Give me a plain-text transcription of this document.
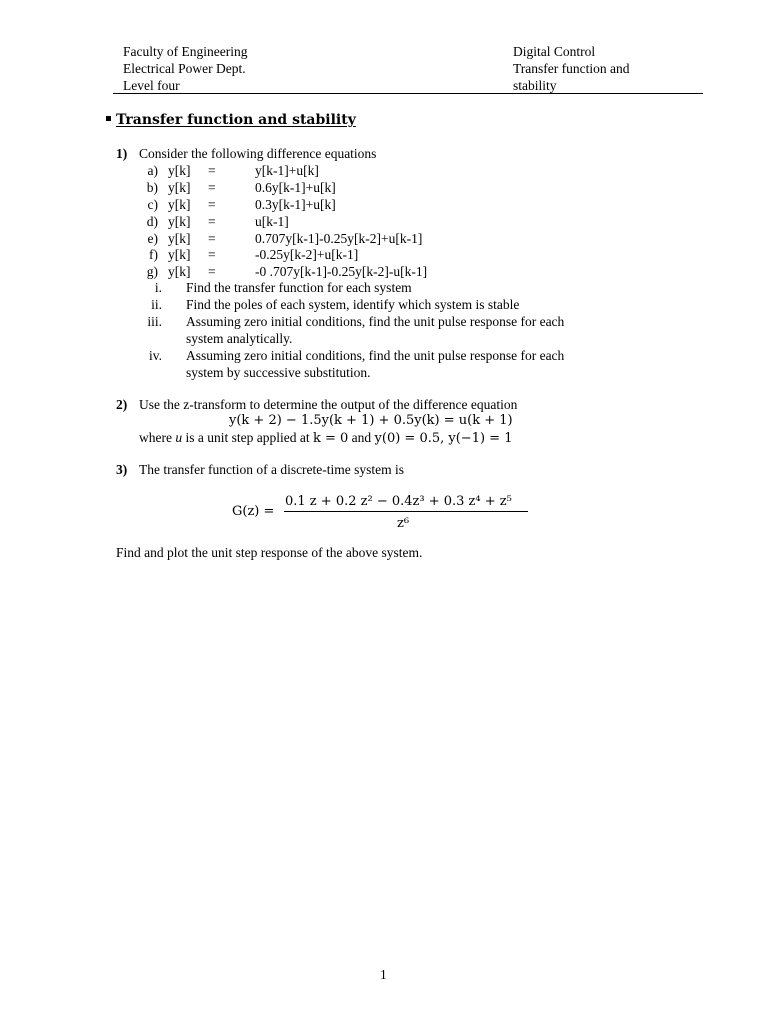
Faculty of Engineering
Electrical Power Dept.
Level four
Digital Control
Transfer function and
stability
Transfer function and stability
1) Consider the following difference equations
a) y[k] =	y[k-1]+u[k]
b) y[k] =	0.6y[k-1]+u[k]
c) y[k] =	0.3y[k-1]+u[k]
d) y[k] =	u[k-1]
e) y[k] =	0.707y[k-1]-0.25y[k-2]+u[k-1]
f) y[k] =	-0.25y[k-2]+u[k-1]
g) y[k] =	-0 .707y[k-1]-0.25y[k-2]-u[k-1]
i. Find the transfer function for each system
ii. Find the poles of each system, identify which system is stable
iii. Assuming zero initial conditions, find the unit pulse response for each
system analytically.
iv. Assuming zero initial conditions, find the unit pulse response for each
system by successive substitution.
2) Use the z-transform to determine the output of the difference equation
y(k + 2) − 1.5y(k + 1) + 0.5y(k) = u(k + 1)
where u is a unit step applied at k = 0 and y(0) = 0.5, y(−1) = 1
3) The transfer function of a discrete-time system is
G(z) =
0.1 z + 0.2 z² − 0.4z³ + 0.3 z⁴ + z⁵
z⁶
Find and plot the unit step response of the above system.
1
